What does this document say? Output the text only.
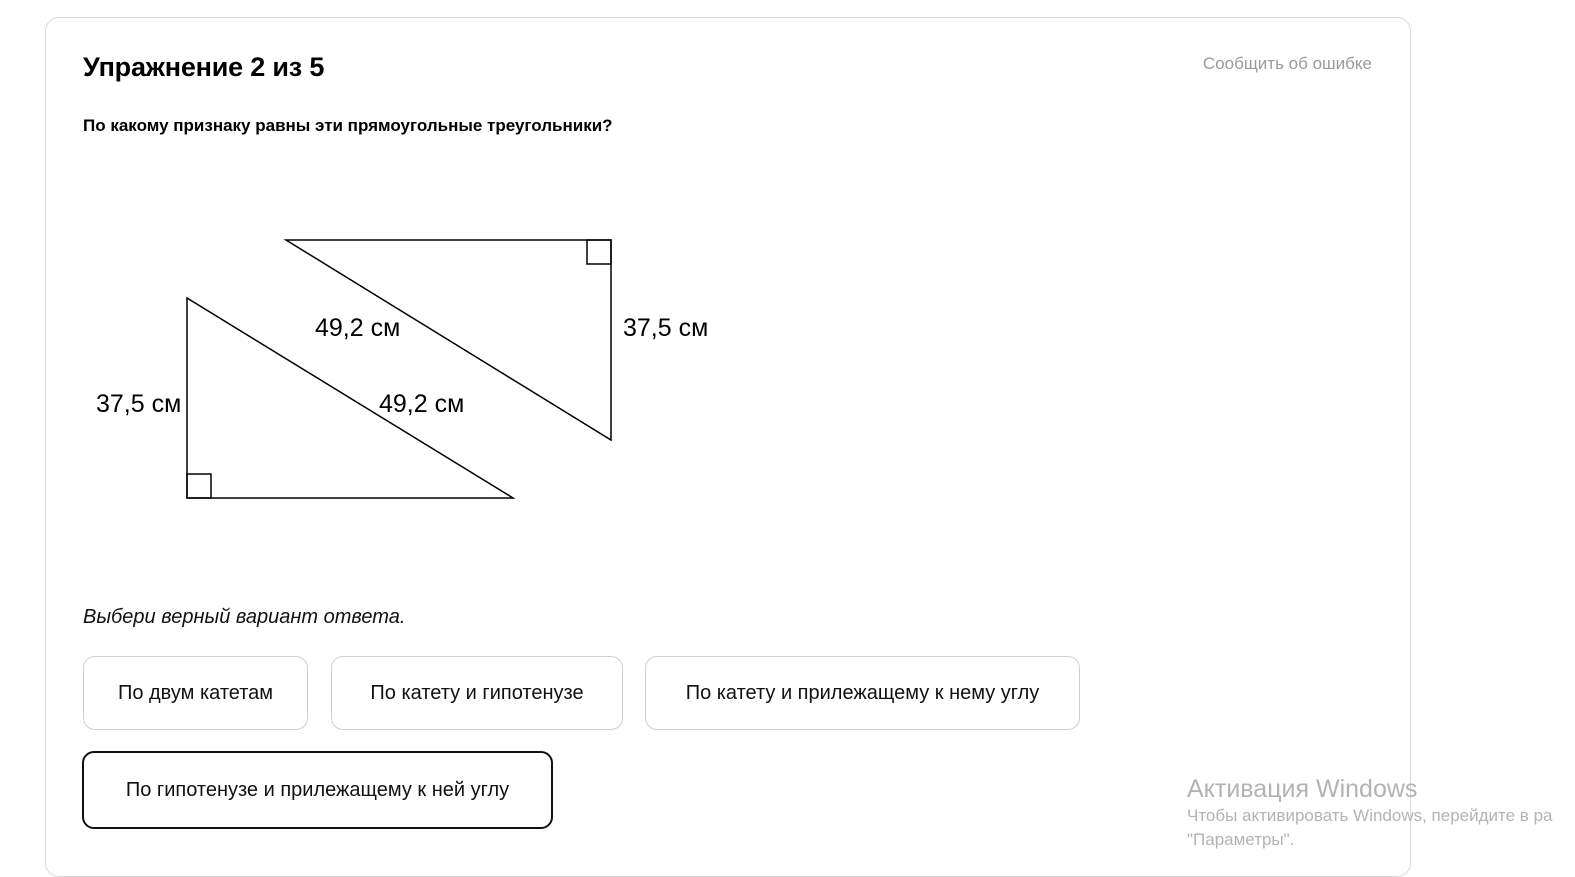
Упражнение 2 из 5	Сообщить об ошибке
По какому признаку равны эти прямоугольные треугольники?
37,5 см	49,2 см
49,2 см	37,5 см
Выбери верный вариант ответа.
По двум катетам	По катету и гипотенузе	По катету и прилежащему к нему углу
По гипотенузе и прилежащему к ней углу	Активация Windows
Чтобы активировать Windows, перейдите в ра
"Параметры".
